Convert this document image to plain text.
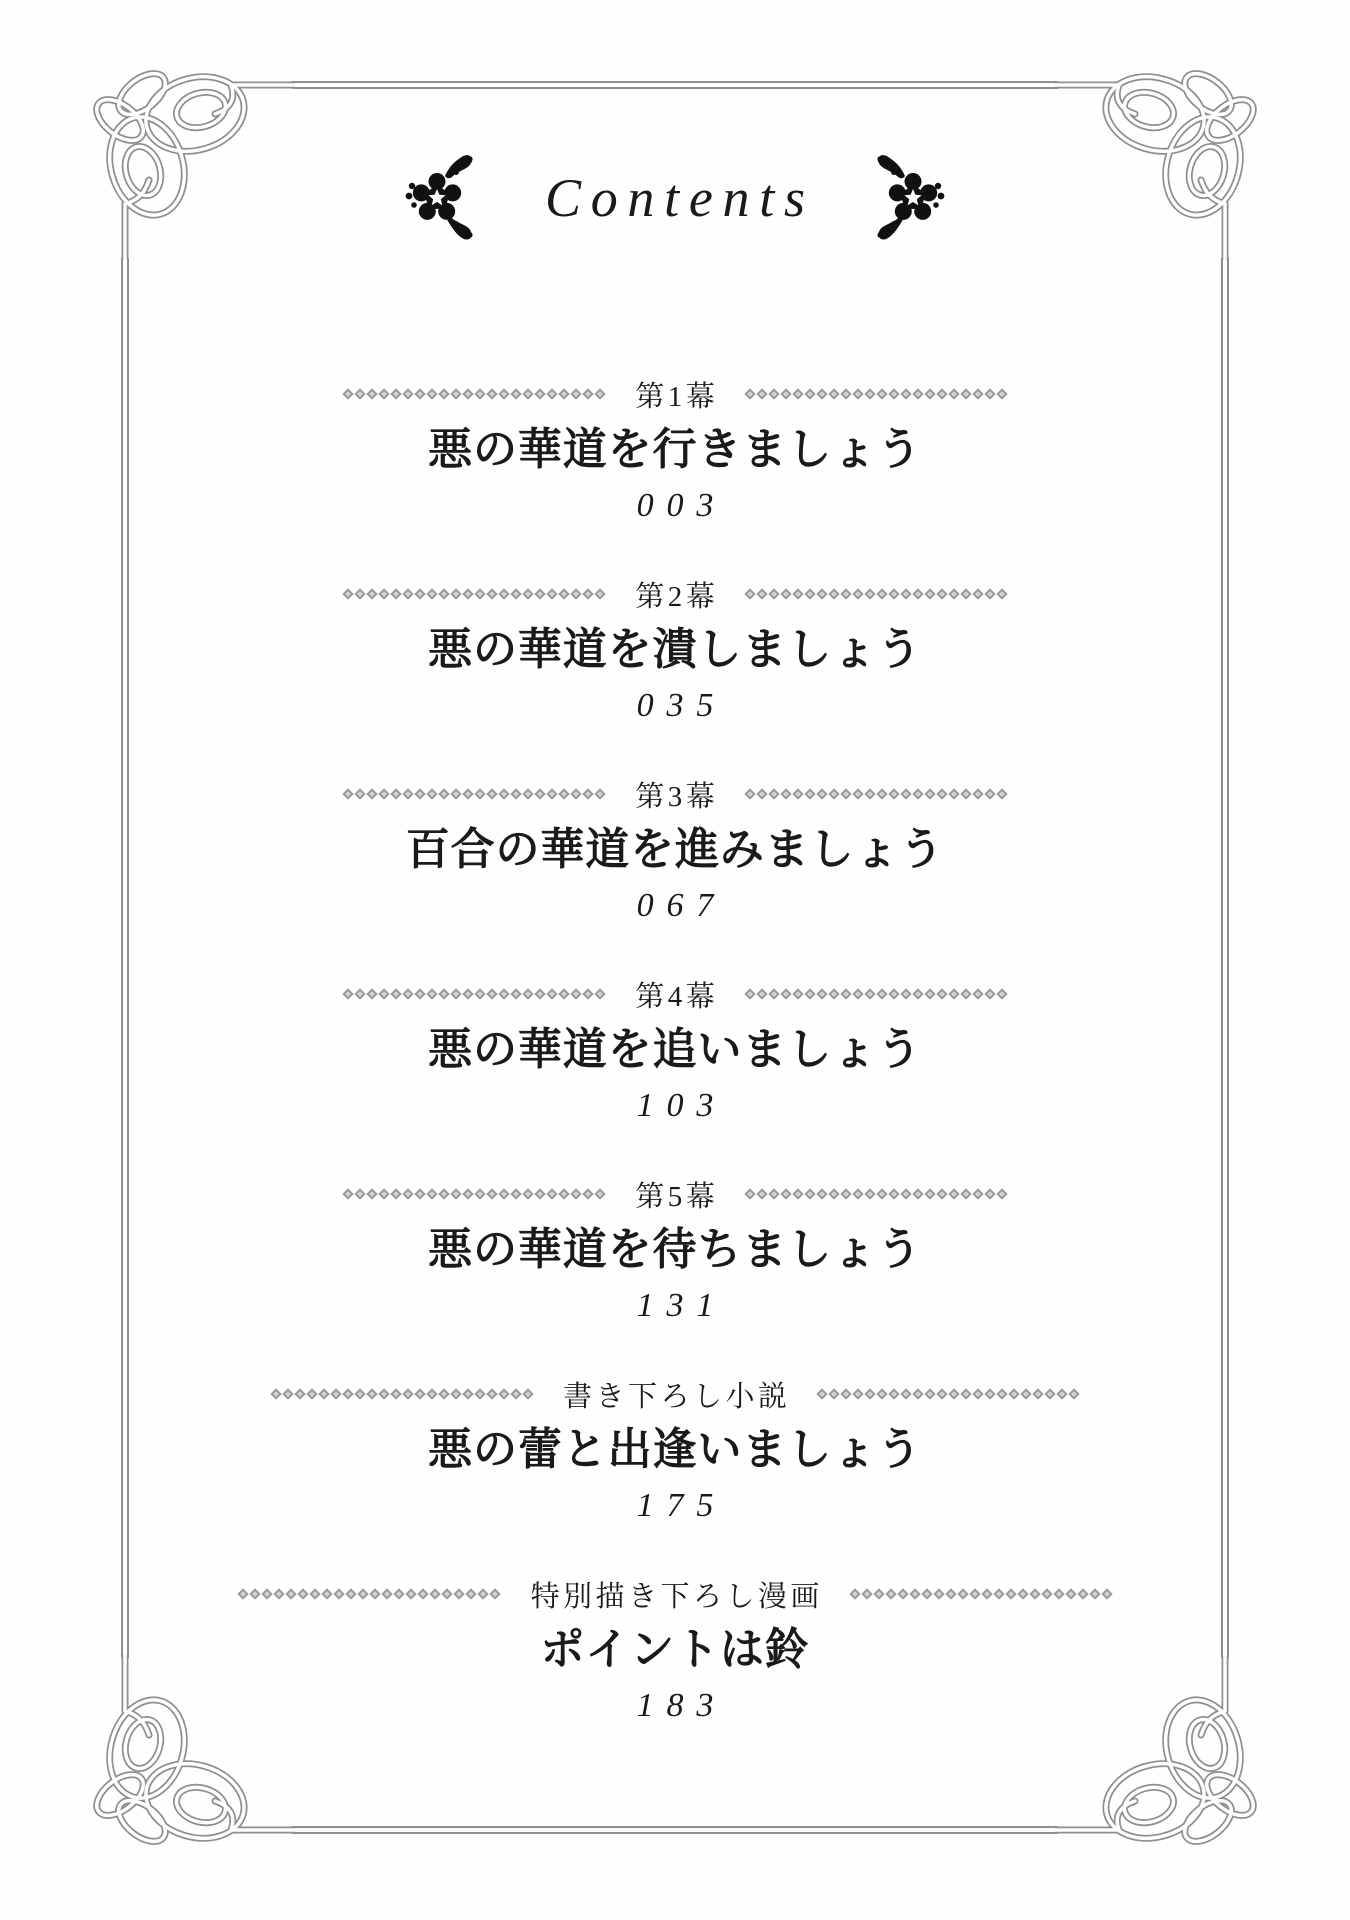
Contents
第1幕
悪の華道を行きましょう
003
第2幕
悪の華道を潰しましょう
035
第3幕
百合の華道を進みましょう
067
第4幕
悪の華道を追いましょう
103
第5幕
悪の華道を待ちましょう
131
書き下ろし小説
悪の蕾と出逢いましょう
175
特別描き下ろし漫画
ポイントは鈴
183
